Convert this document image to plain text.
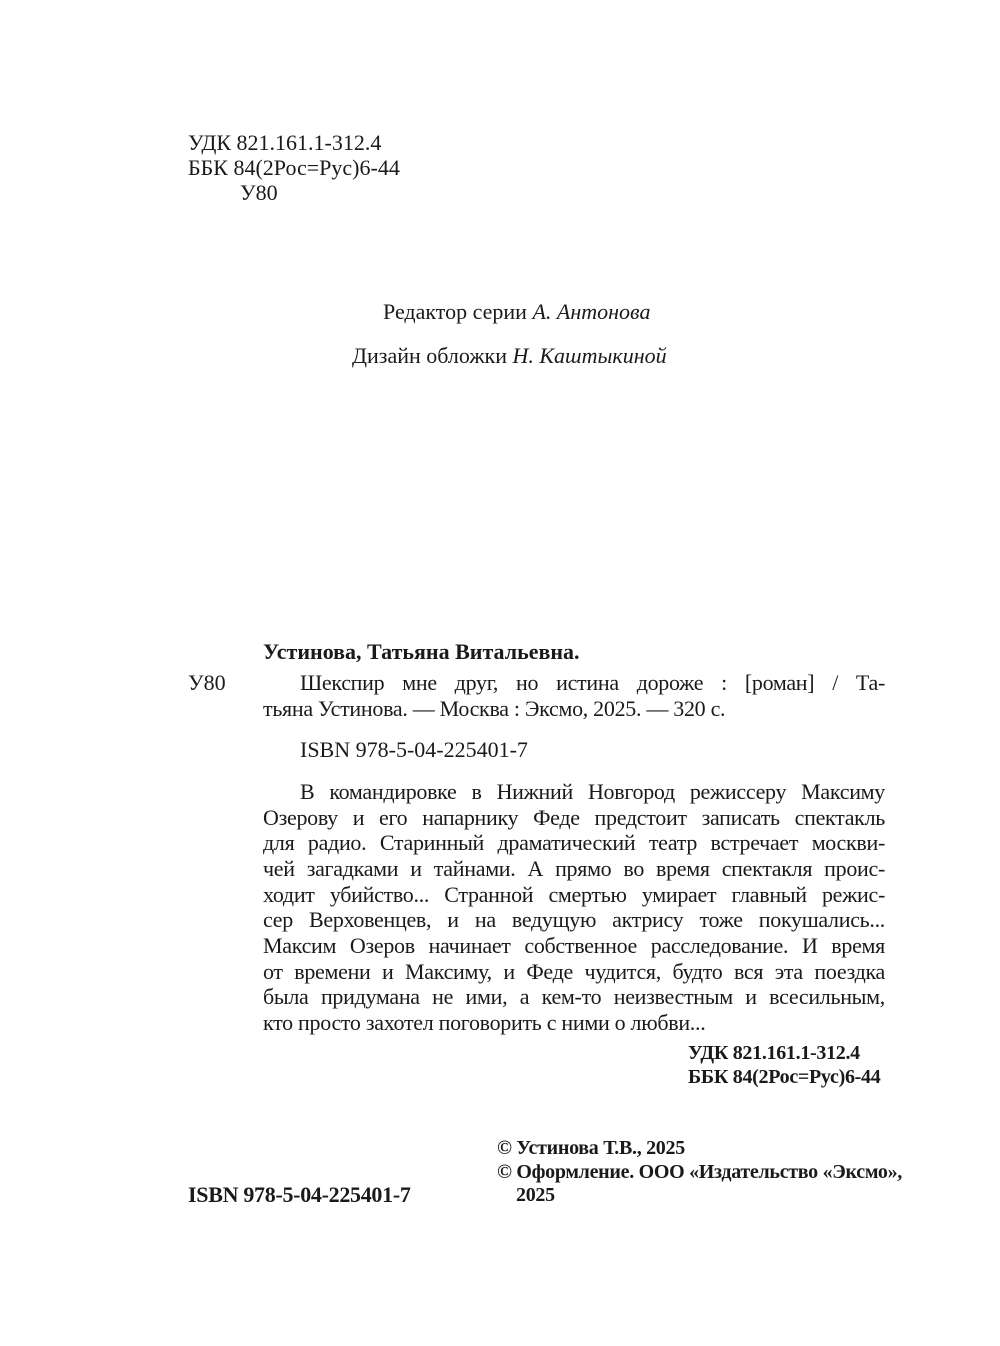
УДК 821.161.1-312.4
ББК 84(2Рос=Рус)6-44
У80
Редактор серии А. Антонова
Дизайн обложки Н. Каштыкиной
Устинова, Татьяна Витальевна.
У80	Шекспир мне друг, но истина дороже : [роман] / Та-
тьяна Устинова. — Москва : Эксмо, 2025. — 320 с.
ISBN 978-5-04-225401-7
В командировке в Нижний Новгород режиссеру Максиму
Озерову и его напарнику Феде предстоит записать спектакль
для радио. Старинный драматический театр встречает москви-
чей загадками и тайнами. А прямо во время спектакля проис-
ходит убийство... Странной смертью умирает главный режис-
сер Верховенцев, и на ведущую актрису тоже покушались...
Максим Озеров начинает собственное расследование. И время
от времени и Максиму, и Феде чудится, будто вся эта поездка
была придумана не ими, а кем-то неизвестным и всесильным,
кто просто захотел поговорить с ними о любви...
УДК 821.161.1-312.4
ББК 84(2Рос=Рус)6-44
© Устинова Т.В., 2025
© Оформление. ООО «Издательство «Эксмо»,
2025
ISBN 978-5-04-225401-7
